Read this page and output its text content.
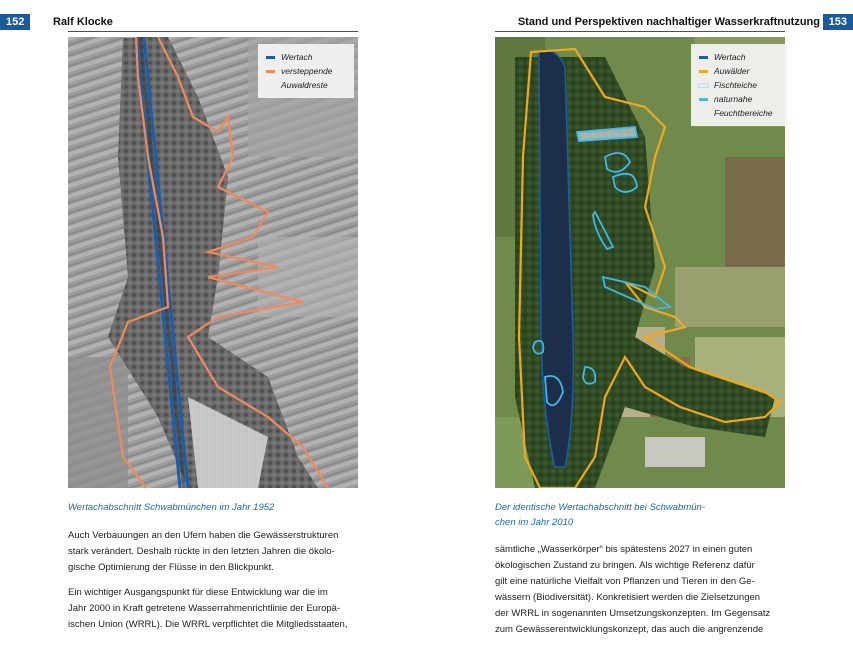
152	Ralf Klocke
Wertach
versteppende
Auwaldreste
Wertachabschnitt Schwabmünchen im Jahr 1952

Auch Verbauungen an den Ufern haben die Gewässerstrukturen
stark verändert. Deshalb rückte in den letzten Jahren die ökolo-
gische Optimierung der Flüsse in den Blickpunkt.

Ein wichtiger Ausgangspunkt für diese Entwicklung war die im
Jahr 2000 in Kraft getretene Wasserrahmenrichtlinie der Europä-
ischen Union (WRRL). Die WRRL verpflichtet die Mitgliedsstaaten,

Stand und Perspektiven nachhaltiger Wasserkraftnutzung 153
Wertach
Auwälder
Fischteiche
naturnahe
Feuchtbereiche
Der identische Wertachabschnitt bei Schwabmün-
chen im Jahr 2010

sämtliche „Wasserkörper“ bis spätestens 2027 in einen guten
ökologischen Zustand zu bringen. Als wichtige Referenz dafür
gilt eine natürliche Vielfalt von Pflanzen und Tieren in den Ge-
wässern (Biodiversität). Konkretisiert werden die Zielsetzungen
der WRRL in sogenannten Umsetzungskonzepten. Im Gegensatz
zum Gewässerentwicklungskonzept, das auch die angrenzende
